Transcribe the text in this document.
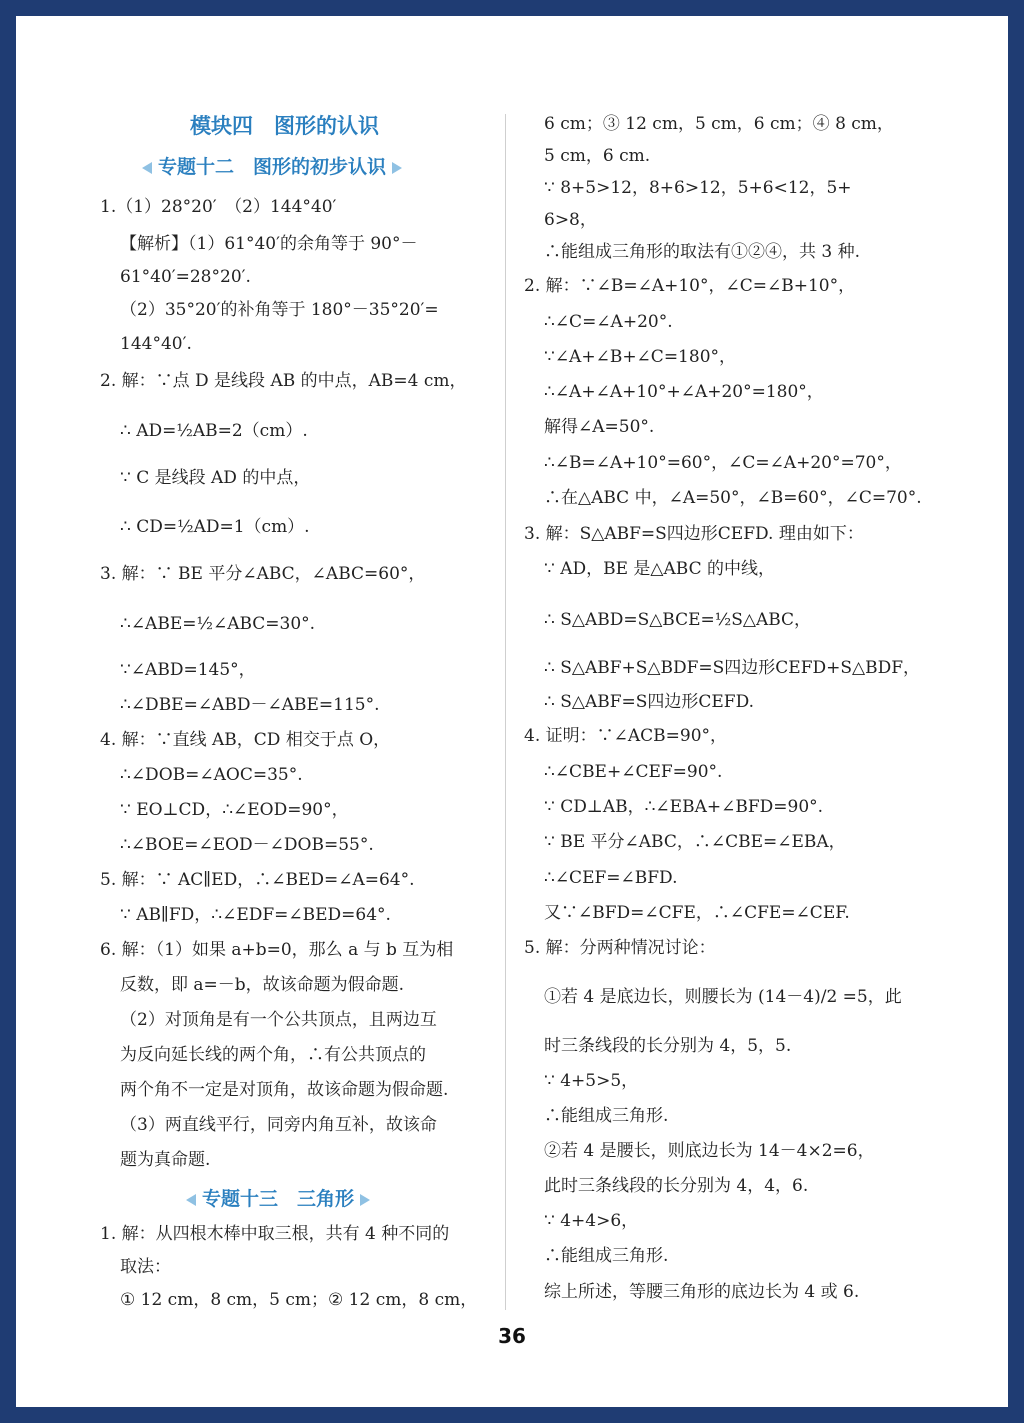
模块四　图形的认识
专题十二　图形的初步认识
专题十三　三角形
1.（1）28°20′　（2）144°40′
【解析】（1）61°40′的余角等于 90°－
61°40′=28°20′.
（2）35°20′的补角等于 180°－35°20′=
144°40′.
2. 解：∵点 D 是线段 AB 的中点，AB=4 cm，
∴ AD=½AB=2（cm）.
∵ C 是线段 AD 的中点，
∴ CD=½AD=1（cm）.
3. 解：∵ BE 平分∠ABC，∠ABC=60°，
∴∠ABE=½∠ABC=30°.
∵∠ABD=145°，
∴∠DBE=∠ABD－∠ABE=115°.
4. 解：∵直线 AB，CD 相交于点 O，
∴∠DOB=∠AOC=35°.
∵ EO⊥CD，∴∠EOD=90°，
∴∠BOE=∠EOD－∠DOB=55°.
5. 解：∵ AC∥ED，∴∠BED=∠A=64°.
∵ AB∥FD，∴∠EDF=∠BED=64°.
6. 解：（1）如果 a+b=0，那么 a 与 b 互为相
反数，即 a=－b，故该命题为假命题.
（2）对顶角是有一个公共顶点，且两边互
为反向延长线的两个角，∴有公共顶点的
两个角不一定是对顶角，故该命题为假命题.
（3）两直线平行，同旁内角互补，故该命
题为真命题.
1. 解：从四根木棒中取三根，共有 4 种不同的
取法：
① 12 cm，8 cm，5 cm；② 12 cm，8 cm，
6 cm；③ 12 cm，5 cm，6 cm；④ 8 cm，
5 cm，6 cm.
∵ 8+5>12，8+6>12，5+6<12，5+
6>8，
∴能组成三角形的取法有①②④，共 3 种.
2. 解：∵∠B=∠A+10°，∠C=∠B+10°，
∴∠C=∠A+20°.
∵∠A+∠B+∠C=180°，
∴∠A+∠A+10°+∠A+20°=180°，
解得∠A=50°.
∴∠B=∠A+10°=60°，∠C=∠A+20°=70°，
∴在△ABC 中，∠A=50°，∠B=60°，∠C=70°.
3. 解：S△ABF=S四边形CEFD. 理由如下：
∵ AD，BE 是△ABC 的中线，
∴ S△ABD=S△BCE=½S△ABC，
∴ S△ABF+S△BDF=S四边形CEFD+S△BDF，
∴ S△ABF=S四边形CEFD.
4. 证明：∵∠ACB=90°，
∴∠CBE+∠CEF=90°.
∵ CD⊥AB，∴∠EBA+∠BFD=90°.
∵ BE 平分∠ABC，∴∠CBE=∠EBA，
∴∠CEF=∠BFD.
又∵∠BFD=∠CFE，∴∠CFE=∠CEF.
5. 解：分两种情况讨论：
①若 4 是底边长，则腰长为 (14－4)/2 =5，此
时三条线段的长分别为 4，5，5.
∵ 4+5>5，
∴能组成三角形.
②若 4 是腰长，则底边长为 14－4×2=6，
此时三条线段的长分别为 4，4，6.
∵ 4+4>6，
∴能组成三角形.
综上所述，等腰三角形的底边长为 4 或 6.
36
